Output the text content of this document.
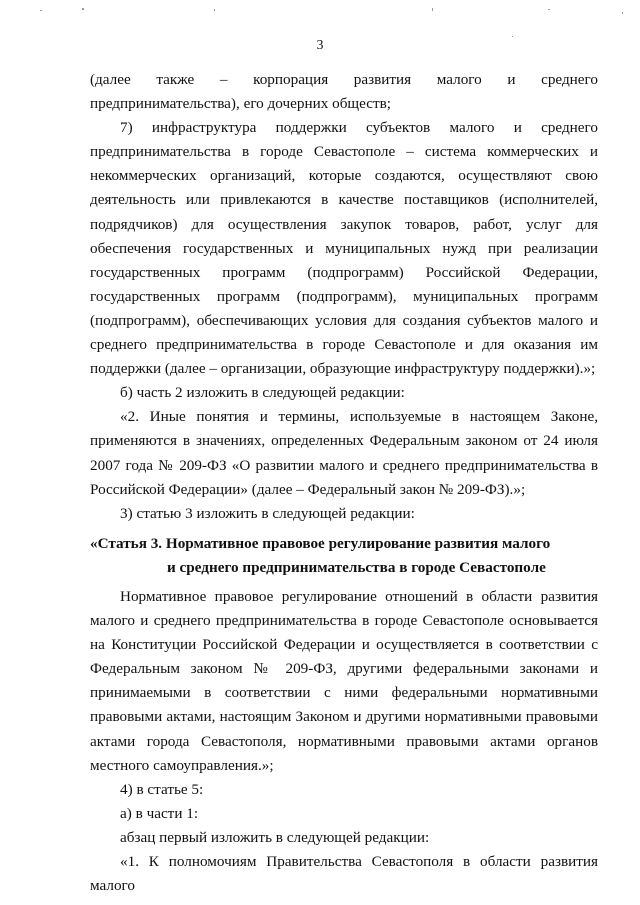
3

(далее также – корпорация развития малого и среднего предпринимательства), его дочерних обществ;

7) инфраструктура поддержки субъектов малого и среднего предпринимательства в городе Севастополе – система коммерческих и некоммерческих организаций, которые создаются, осуществляют свою деятельность или привлекаются в качестве поставщиков (исполнителей, подрядчиков) для осуществления закупок товаров, работ, услуг для обеспечения государственных и муниципальных нужд при реализации государственных программ (подпрограмм) Российской Федерации, государственных программ (подпрограмм), муниципальных программ (подпрограмм), обеспечивающих условия для создания субъектов малого и среднего предпринимательства в городе Севастополе и для оказания им поддержки (далее – организации, образующие инфраструктуру поддержки).»;

б) часть 2 изложить в следующей редакции:

«2. Иные понятия и термины, используемые в настоящем Законе, применяются в значениях, определенных Федеральным законом от 24 июля 2007 года № 209-ФЗ «О развитии малого и среднего предпринимательства в Российской Федерации» (далее – Федеральный закон № 209-ФЗ).»;

3) статью 3 изложить в следующей редакции:

«Статья 3. Нормативное правовое регулирование развития малого
и среднего предпринимательства в городе Севастополе

Нормативное правовое регулирование отношений в области развития малого и среднего предпринимательства в городе Севастополе основывается на Конституции Российской Федерации и осуществляется в соответствии с Федеральным законом № 209-ФЗ, другими федеральными законами и принимаемыми в соответствии с ними федеральными нормативными правовыми актами, настоящим Законом и другими нормативными правовыми актами города Севастополя, нормативными правовыми актами органов местного самоуправления.»;

4) в статье 5:

а) в части 1:

абзац первый изложить в следующей редакции:

«1. К полномочиям Правительства Севастополя в области развития малого
